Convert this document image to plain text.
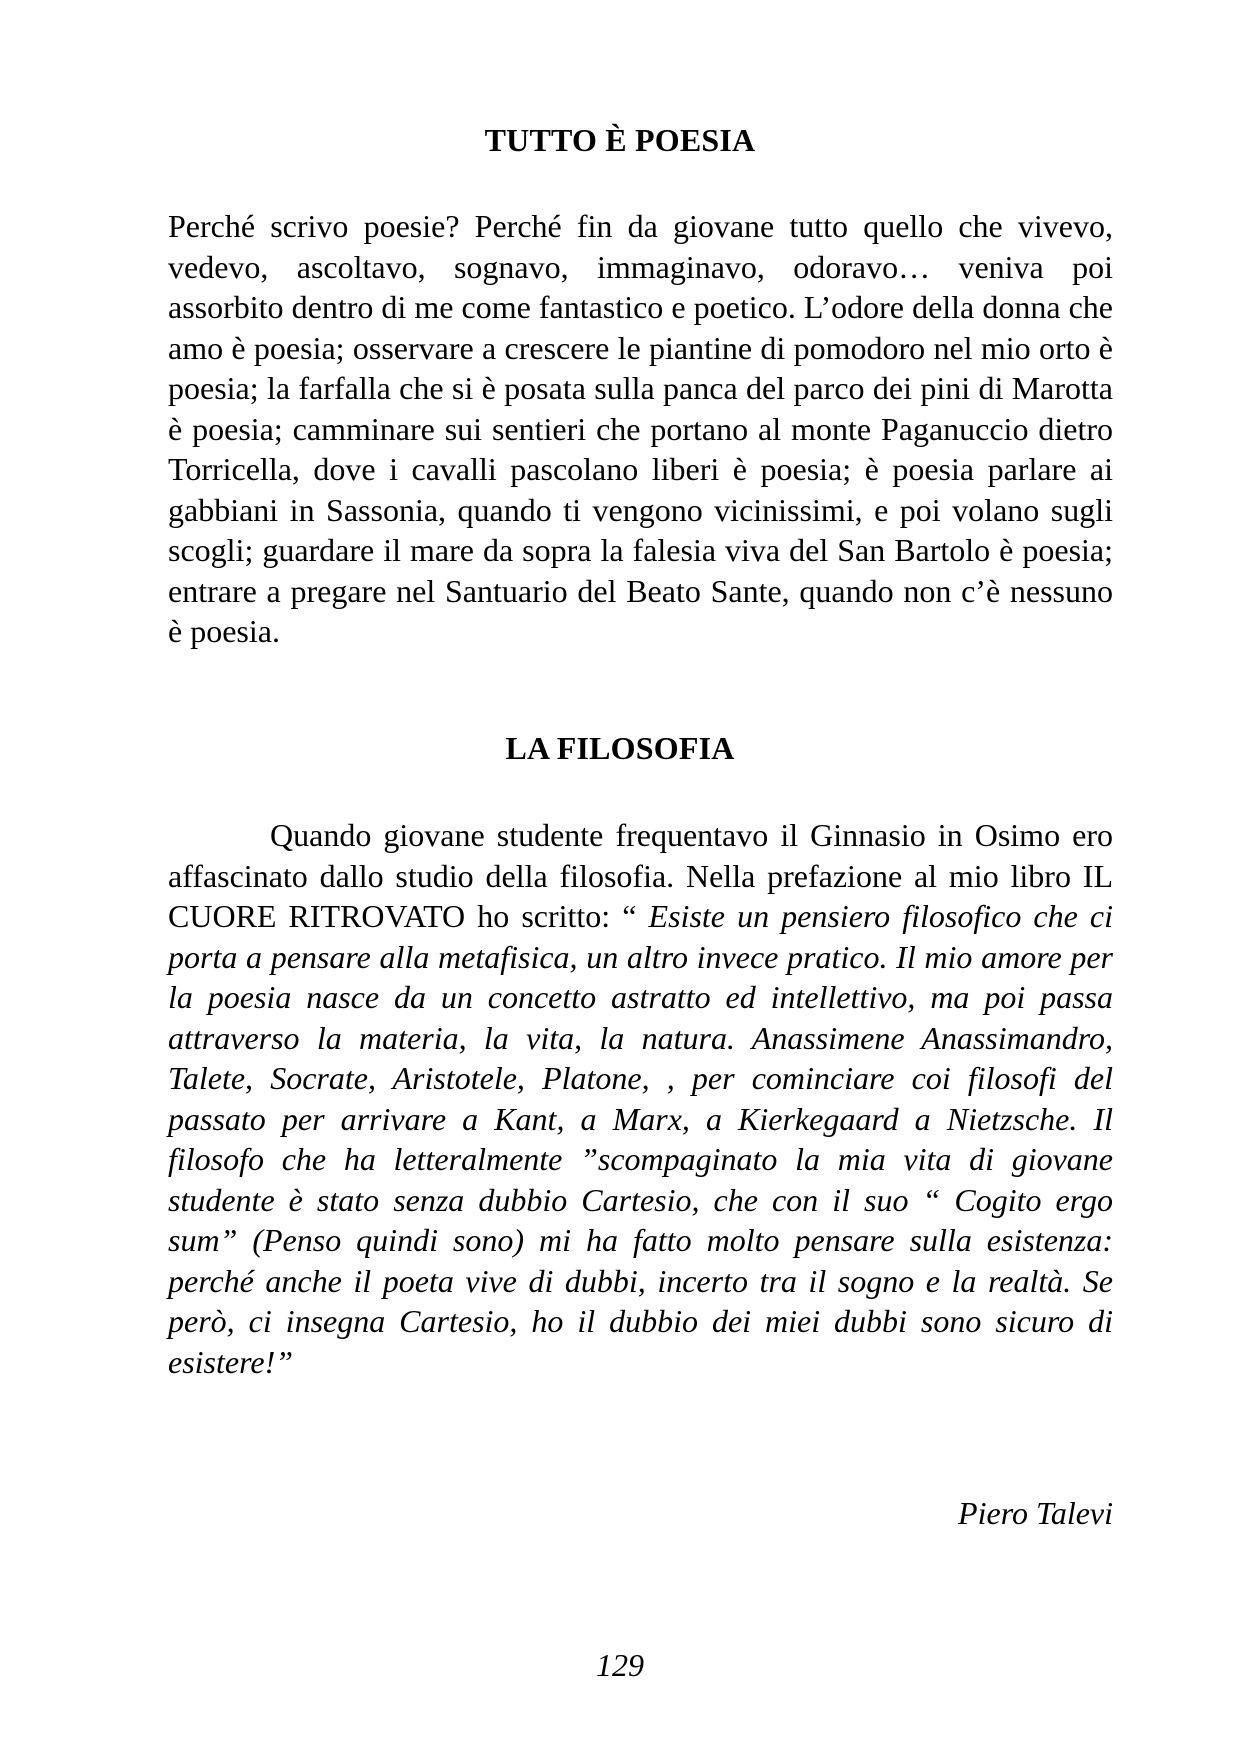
TUTTO È POESIA
Perché scrivo poesie? Perché fin da giovane tutto quello che vivevo, vedevo, ascoltavo, sognavo, immaginavo, odoravo… veniva poi assorbito dentro di me come fantastico e poetico. L’odore della donna che amo è poesia; osservare a crescere le piantine di pomodoro nel mio orto è poesia; la farfalla che si è posata sulla panca del parco dei pini di Marotta è poesia; camminare sui sentieri che portano al monte Paganuccio dietro Torricella, dove i cavalli pascolano liberi è poesia; è poesia parlare ai gabbiani in Sassonia, quando ti vengono vicinissimi, e poi volano sugli scogli; guardare il mare da sopra la falesia viva del San Bartolo è poesia; entrare a pregare nel Santuario del Beato Sante, quando non c’è nessuno è poesia.
LA FILOSOFIA
Quando giovane studente frequentavo il Ginnasio in Osimo ero affascinato dallo studio della filosofia. Nella prefazione al mio libro IL CUORE RITROVATO ho scritto: “ Esiste un pensiero filosofico che ci porta a pensare alla metafisica, un altro invece pratico. Il mio amore per la poesia nasce da un concetto astratto ed intellettivo, ma poi passa attraverso la materia, la vita, la natura. Anassimene Anassimandro, Talete, Socrate, Aristotele, Platone, , per cominciare coi filosofi del passato per arrivare a Kant, a Marx, a Kierkegaard a Nietzsche. Il filosofo che ha letteralmente ”scompaginato la mia vita di giovane studente è stato senza dubbio Cartesio, che con il suo “ Cogito ergo sum” (Penso quindi sono) mi ha fatto molto pensare sulla esistenza: perché anche il poeta vive di dubbi, incerto tra il sogno e la realtà. Se però, ci insegna Cartesio, ho il dubbio dei miei dubbi sono sicuro di esistere!”
Piero Talevi
129
